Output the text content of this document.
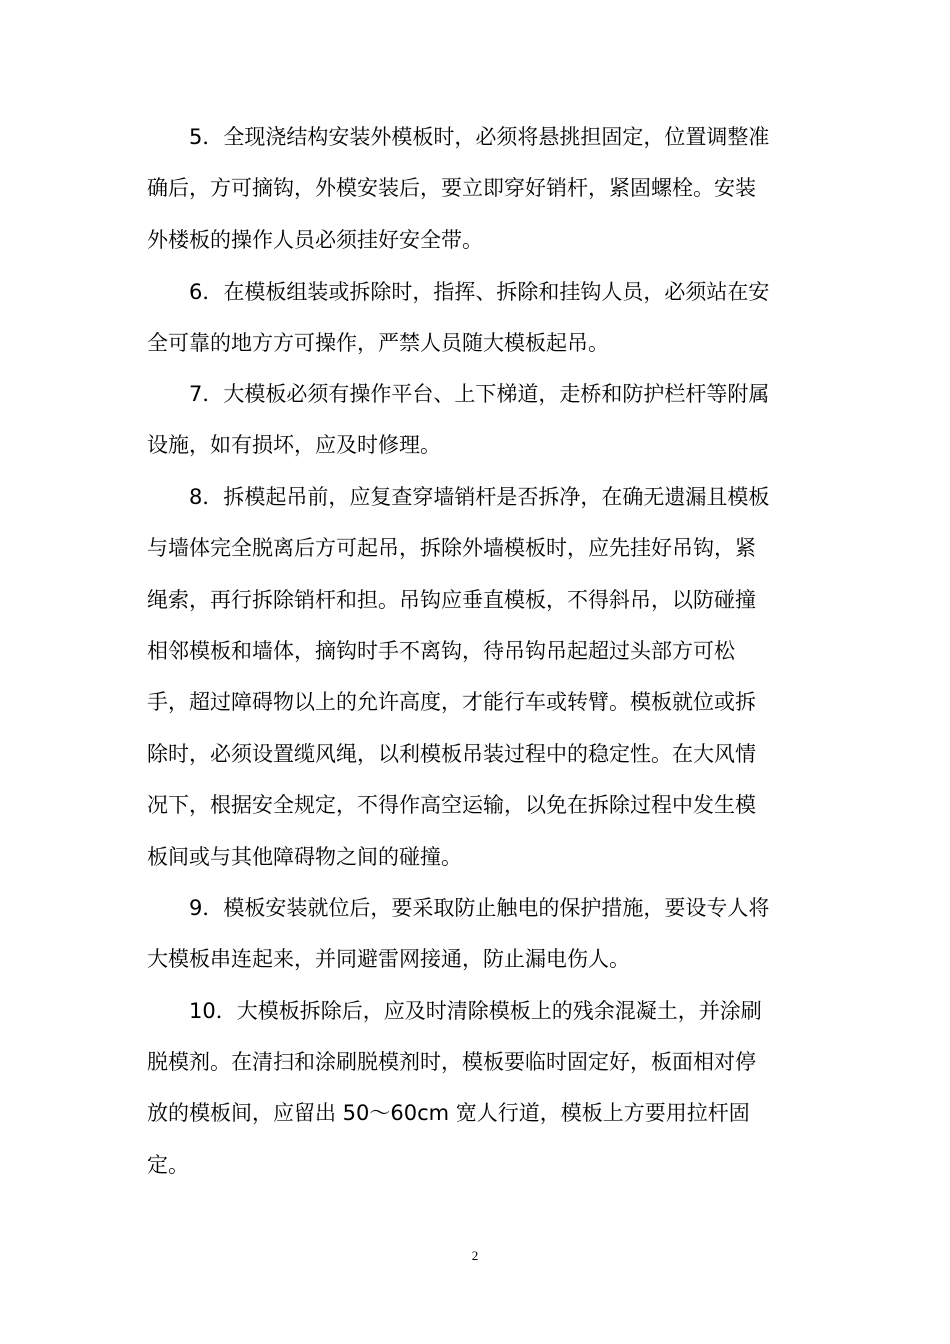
5．全现浇结构安装外模板时，必须将悬挑担固定，位置调整准
确后，方可摘钩，外模安装后，要立即穿好销杆，紧固螺栓。安装
外楼板的操作人员必须挂好安全带。
6．在模板组装或拆除时，指挥、拆除和挂钩人员，必须站在安
全可靠的地方方可操作，严禁人员随大模板起吊。
7．大模板必须有操作平台、上下梯道，走桥和防护栏杆等附属
设施，如有损坏，应及时修理。
8．拆模起吊前，应复查穿墙销杆是否拆净，在确无遗漏且模板
与墙体完全脱离后方可起吊，拆除外墙模板时，应先挂好吊钩，紧
绳索，再行拆除销杆和担。吊钩应垂直模板，不得斜吊，以防碰撞
相邻模板和墙体，摘钩时手不离钩，待吊钩吊起超过头部方可松
手，超过障碍物以上的允许高度，才能行车或转臂。模板就位或拆
除时，必须设置缆风绳，以利模板吊装过程中的稳定性。在大风情
况下，根据安全规定，不得作高空运输，以免在拆除过程中发生模
板间或与其他障碍物之间的碰撞。
9．模板安装就位后，要采取防止触电的保护措施，要设专人将
大模板串连起来，并同避雷网接通，防止漏电伤人。
10．大模板拆除后，应及时清除模板上的残余混凝土，并涂刷
脱模剂。在清扫和涂刷脱模剂时，模板要临时固定好，板面相对停
放的模板间，应留出 50～60cm 宽人行道，模板上方要用拉杆固
定。
2
